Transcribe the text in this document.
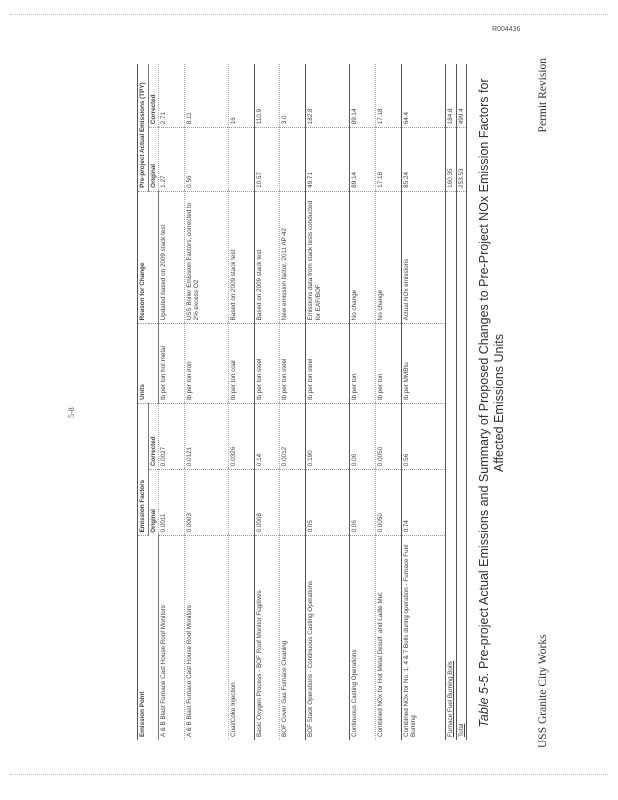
R004436
5-8
Emission Point	Emission Factors		Units	Reason for Change	Pre-project Actual Emissions (TPY)	
	Original	Corrected			Original	Corrected
A & B Blast Furnace Cast House Roof Monitors	0.0011	0.0027	lb per ton hot metal	Updated based on 2009 stack test	1.27	2.71
A & B Blast Furnace Cast House Roof Monitors	0.0003	0.0121	lb per ton iron	USS Boiler Emission Factors, corrected to 2% excess O2	0.56	8.11
Coal/Coke Injection		0.0326	lb per ton coal	Based on 2009 stack test		16
Basic Oxygen Process - BOF Roof Monitor Fugitives	0.0008	0.14	lb per ton steel	Based on 2009 stack test	10.57	110.9
BOF Cover Gas Furnace Cleaning		0.0012	lb per ton steel	New emission factor, 2011 AP-42		3.0
BOF Stack Operations - Continuous Casting Operations	0.05	0.190	lb per ton steel	Emissions data from stack tests conducted for EAF/BOF	49.71	182.8
Continuous Casting Operations	0.06	0.06	lb per ton	No change	89.14	89.14
Combined NOx for Hot Metal Desulf. and Ladle Met.	0.0050	0.0050	lb per ton	No change	17.18	17.18
Combined NOx for No. 1, 4 & 7 Bolls during operation - Furnace Fuel Burning	0.74	0.56	lb per MMBtu	Actual NOx emissions	85.24	64.4
Furnace Fuel Burning Boils					160.35	184.8
Total					253.53	499.4
Table 5-5. Pre-project Actual Emissions and Summary of Proposed Changes to Pre-Project NOx Emission Factors for Affected Emissions Units
USS Granite City Works
Permit Revision
